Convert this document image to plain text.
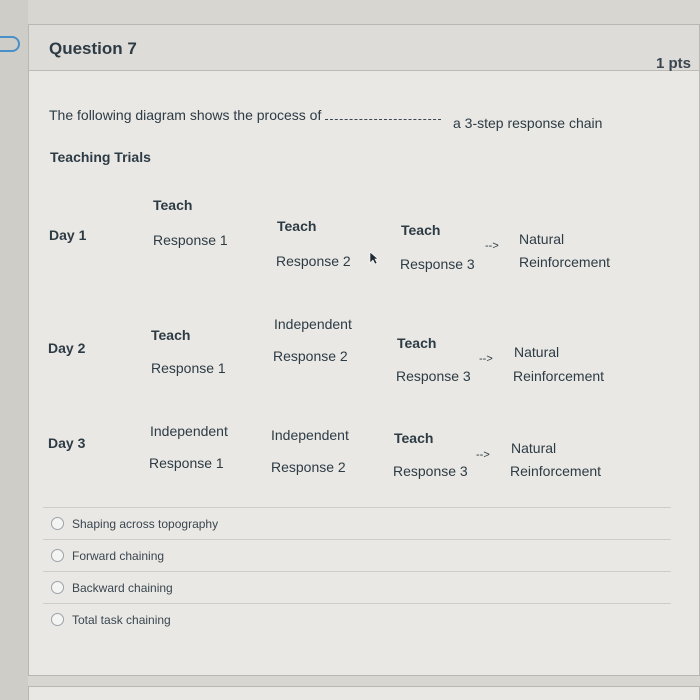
Question 7
1 pts
The following diagram shows the process of	a 3-step response chain
Teaching Trials
Day 1
Teach
Response 1
Teach
Response 2
Teach
Response 3
--> Natural
Reinforcement
Day 2
Teach
Response 1
Independent
Response 2
Teach
Response 3
--> Natural
Reinforcement
Day 3
Independent
Response 1
Independent
Response 2
Teach
Response 3
--> Natural
Reinforcement
Shaping across topography
Forward chaining
Backward chaining
Total task chaining
